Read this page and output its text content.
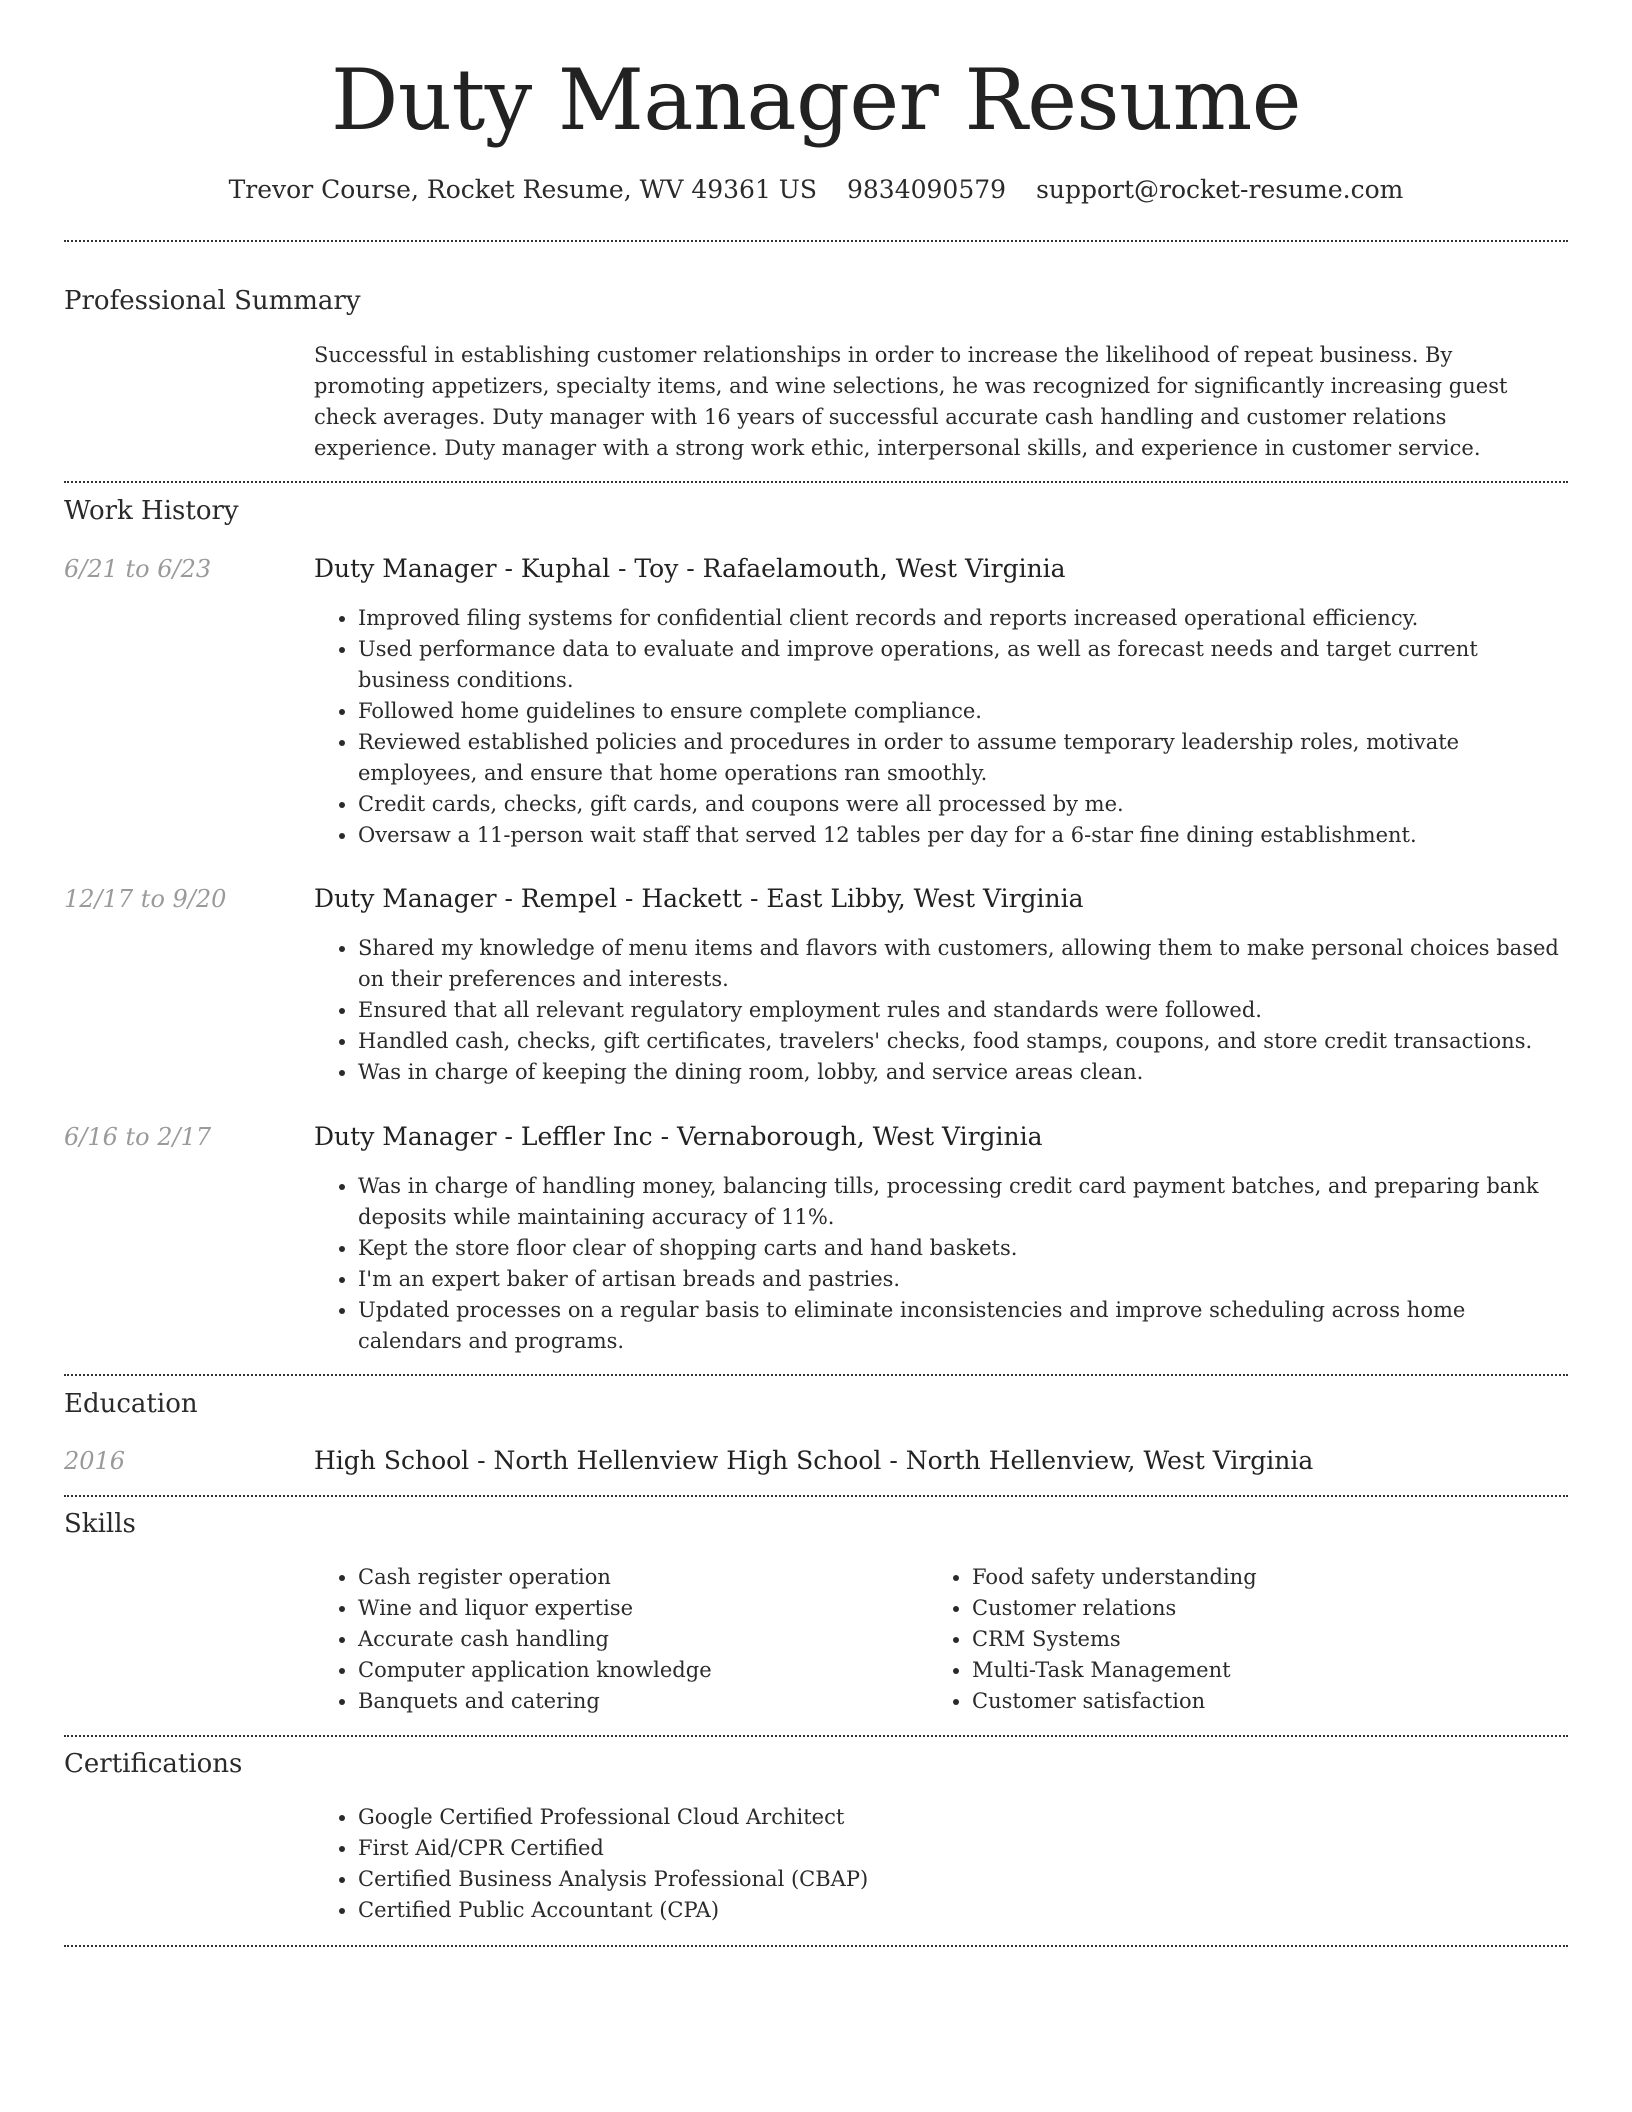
Duty Manager Resume
Trevor Course, Rocket Resume, WV 49361 US 9834090579 support@rocket-resume.com
Professional Summary
Successful in establishing customer relationships in order to increase the likelihood of repeat business. By promoting appetizers, specialty items, and wine selections, he was recognized for significantly increasing guest check averages. Duty manager with 16 years of successful accurate cash handling and customer relations experience. Duty manager with a strong work ethic, interpersonal skills, and experience in customer service.
Work History
6/21 to 6/23	Duty Manager - Kuphal - Toy - Rafaelamouth, West Virginia
• Improved filing systems for confidential client records and reports increased operational efficiency.
• Used performance data to evaluate and improve operations, as well as forecast needs and target current business conditions.
• Followed home guidelines to ensure complete compliance.
• Reviewed established policies and procedures in order to assume temporary leadership roles, motivate employees, and ensure that home operations ran smoothly.
• Credit cards, checks, gift cards, and coupons were all processed by me.
• Oversaw a 11-person wait staff that served 12 tables per day for a 6-star fine dining establishment.
12/17 to 9/20	Duty Manager - Rempel - Hackett - East Libby, West Virginia
• Shared my knowledge of menu items and flavors with customers, allowing them to make personal choices based on their preferences and interests.
• Ensured that all relevant regulatory employment rules and standards were followed.
• Handled cash, checks, gift certificates, travelers' checks, food stamps, coupons, and store credit transactions.
• Was in charge of keeping the dining room, lobby, and service areas clean.
6/16 to 2/17	Duty Manager - Leffler Inc - Vernaborough, West Virginia
• Was in charge of handling money, balancing tills, processing credit card payment batches, and preparing bank deposits while maintaining accuracy of 11%.
• Kept the store floor clear of shopping carts and hand baskets.
• I'm an expert baker of artisan breads and pastries.
• Updated processes on a regular basis to eliminate inconsistencies and improve scheduling across home calendars and programs.
Education
2016	High School - North Hellenview High School - North Hellenview, West Virginia
Skills
• Cash register operation
• Wine and liquor expertise
• Accurate cash handling
• Computer application knowledge
• Banquets and catering
• Food safety understanding
• Customer relations
• CRM Systems
• Multi-Task Management
• Customer satisfaction
Certifications
• Google Certified Professional Cloud Architect
• First Aid/CPR Certified
• Certified Business Analysis Professional (CBAP)
• Certified Public Accountant (CPA)
